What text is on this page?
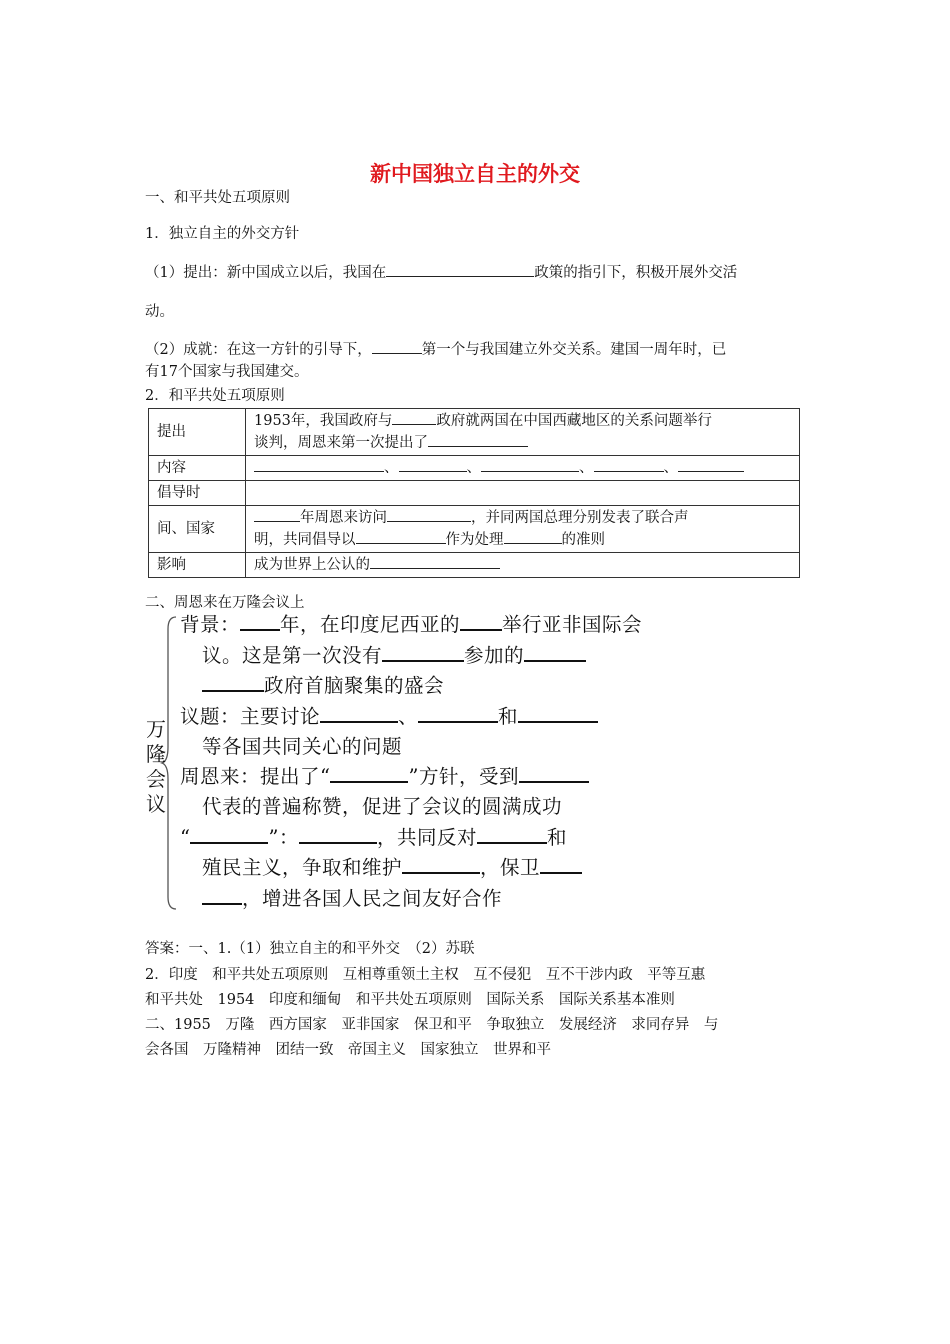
新中国独立自主的外交
一、和平共处五项原则
1．独立自主的外交方针
（1）提出：新中国成立以后，我国在	政策的指引下，积极开展外交活
动。
（2）成就：在这一方针的引导下，	第一个与我国建立外交关系。建国一周年时，已
有17个国家与我国建交。
2．和平共处五项原则
提出	1953年，我国政府与 政府就两国在中国西藏地区的关系问题举行
谈判，周恩来第一次提出了
内容	、 、 、 、
倡导时	
间、国家	年周恩来访问 ，并同两国总理分别发表了联合声
明，共同倡导以 作为处理 的准则
影响	成为世界上公认的
二、周恩来在万隆会议上
万
隆
会
议
背景： 年，在印度尼西亚的 举行亚非国际会
议。这是第一次没有	参加的
政府首脑聚集的盛会
议题：主要讨论	、	和
等各国共同关心的问题
周恩来：提出了“	”方针，受到
代表的普遍称赞，促进了会议的圆满成功
“	”：	，共同反对	和
殖民主义，争取和维护	，保卫
，增进各国人民之间友好合作
答案：一、1.（1）独立自主的和平外交　（2）苏联
2．印度　和平共处五项原则　互相尊重领土主权　互不侵犯　互不干涉内政　平等互惠
和平共处　1954　印度和缅甸　和平共处五项原则　国际关系　国际关系基本准则
二、1955　万隆　西方国家　亚非国家　保卫和平　争取独立　发展经济　求同存异　与
会各国　万隆精神　团结一致　帝国主义　国家独立　世界和平
